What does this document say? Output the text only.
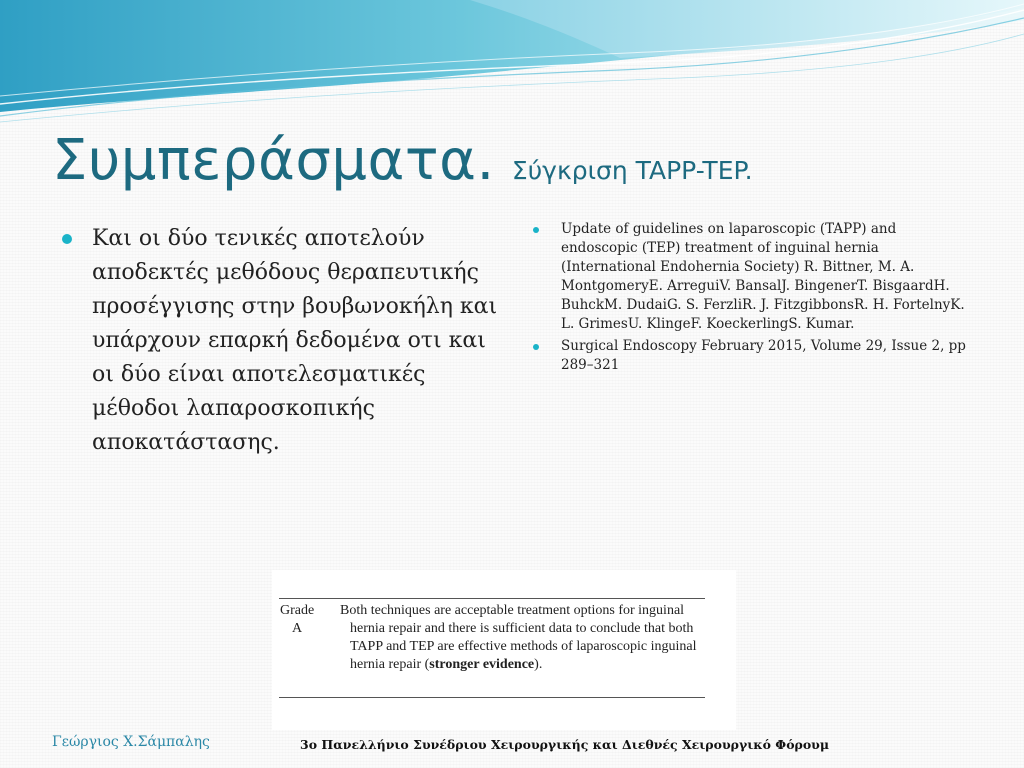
Συμπεράσματα. Σύγκριση TAPP-TEP.
Και οι δύο τενικές αποτελούν αποδεκτές μεθόδους θεραπευτικής προσέγγισης στην βουβωνοκήλη και υπάρχουν επαρκή δεδομένα οτι και οι δύο είναι αποτελεσματικές μέθοδοι λαπαροσκοπικής αποκατάστασης.
Update of guidelines on laparoscopic (TAPP) and endoscopic (TEP) treatment of inguinal hernia (International Endohernia Society) R. Bittner, M. A. MontgomeryE. ArreguiV. BansalJ. BingenerT. BisgaardH. BuhckM. DudaiG. S. FerzliR. J. FitzgibbonsR. H. FortelnyK. L. GrimesU. KlingeF. KoeckerlingS. Kumar.
Surgical Endoscopy February 2015, Volume 29, Issue 2, pp 289–321
Grade
A
Both techniques are acceptable treatment options for inguinal hernia repair and there is sufficient data to conclude that both TAPP and TEP are effective methods of laparoscopic inguinal hernia repair (stronger evidence).
Γεώργιος Χ.Σάμπαλης	3ο Πανελλήνιο Συνέδριου Χειρουργικής και Διεθνές Χειρουργικό Φόρουμ
